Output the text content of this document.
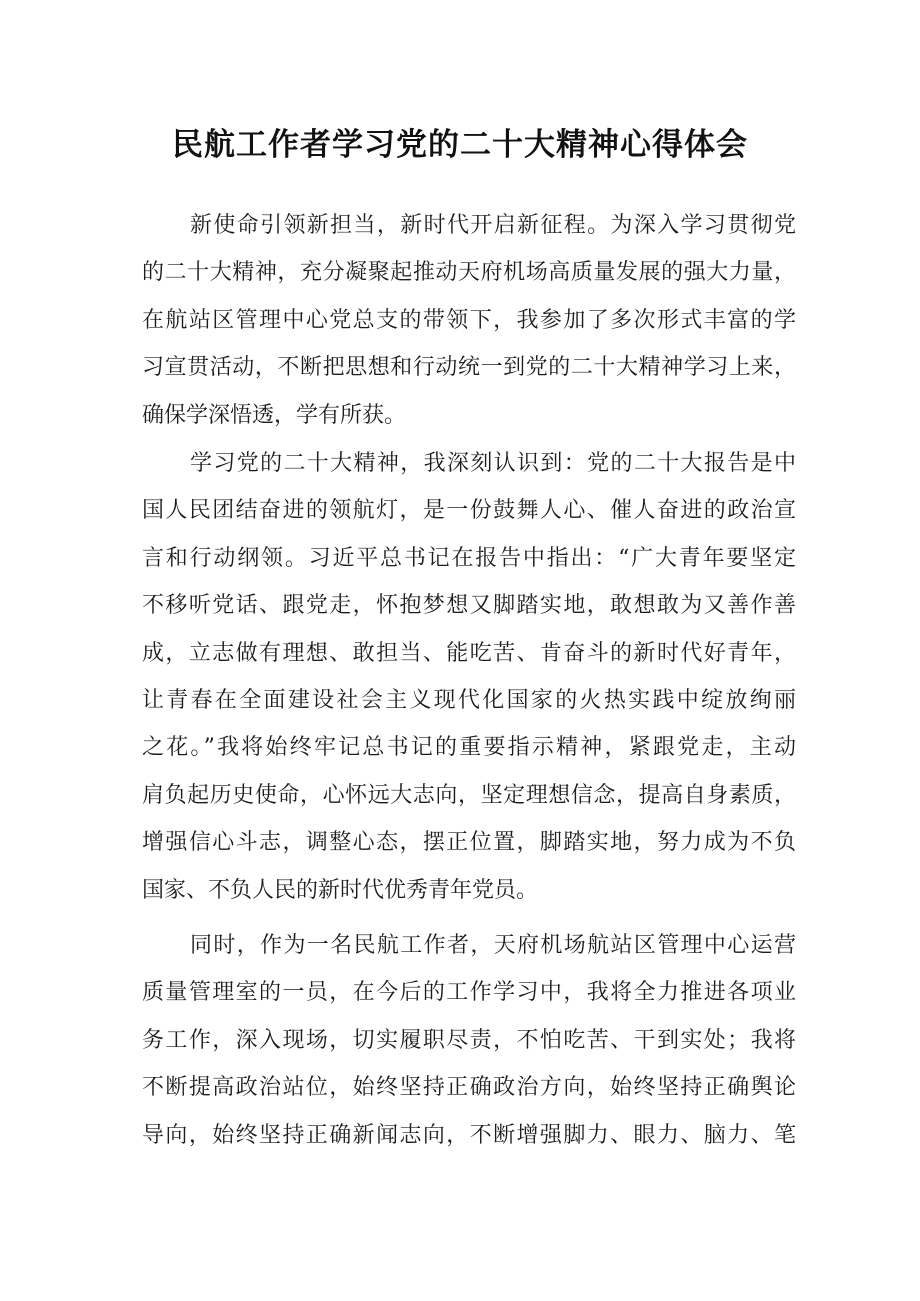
民航工作者学习党的二十大精神心得体会
新使命引领新担当，新时代开启新征程。为深入学习贯彻党
的二十大精神，充分凝聚起推动天府机场高质量发展的强大力量，
在航站区管理中心党总支的带领下，我参加了多次形式丰富的学
习宣贯活动，不断把思想和行动统一到党的二十大精神学习上来，
确保学深悟透，学有所获。
学习党的二十大精神，我深刻认识到：党的二十大报告是中
国人民团结奋进的领航灯，是一份鼓舞人心、催人奋进的政治宣
言和行动纲领。习近平总书记在报告中指出：“广大青年要坚定
不移听党话、跟党走，怀抱梦想又脚踏实地，敢想敢为又善作善
成，立志做有理想、敢担当、能吃苦、肯奋斗的新时代好青年，
让青春在全面建设社会主义现代化国家的火热实践中绽放绚丽
之花。”我将始终牢记总书记的重要指示精神，紧跟党走，主动
肩负起历史使命，心怀远大志向，坚定理想信念，提高自身素质，
增强信心斗志，调整心态，摆正位置，脚踏实地，努力成为不负
国家、不负人民的新时代优秀青年党员。
同时，作为一名民航工作者，天府机场航站区管理中心运营
质量管理室的一员，在今后的工作学习中，我将全力推进各项业
务工作，深入现场，切实履职尽责，不怕吃苦、干到实处；我将
不断提高政治站位，始终坚持正确政治方向，始终坚持正确舆论
导向，始终坚持正确新闻志向，不断增强脚力、眼力、脑力、笔
